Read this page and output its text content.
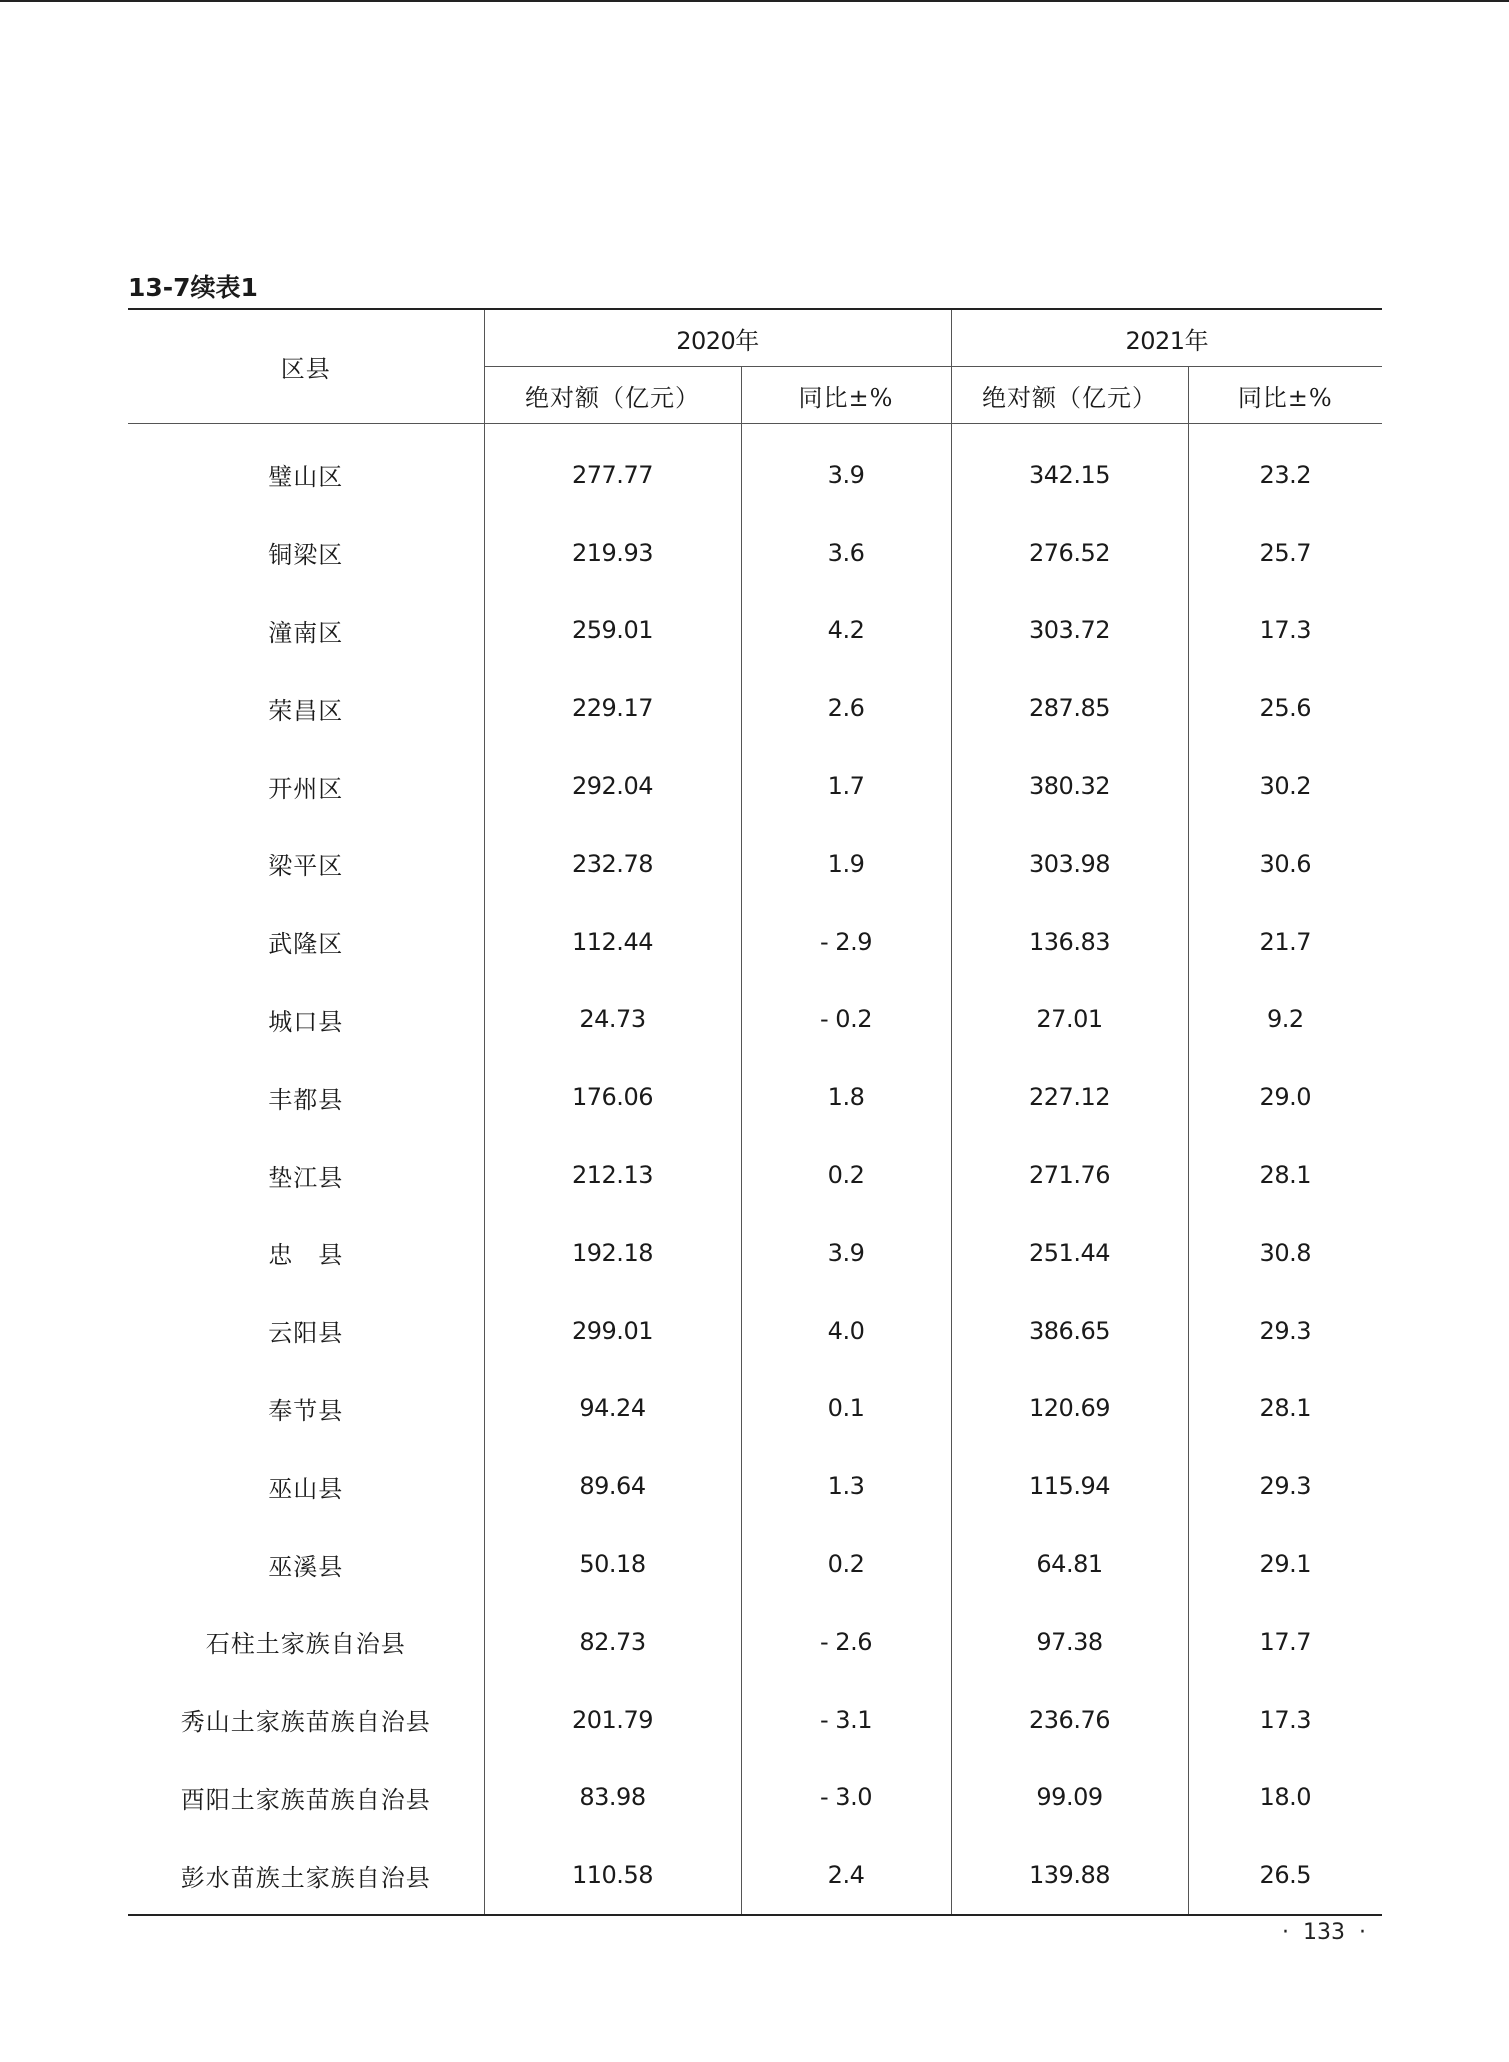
13-7续表1
区县	2020年		2021年	
	绝对额（亿元）	同比±%	绝对额（亿元）	同比±%
璧山区	277.77	3.9	342.15	23.2
铜梁区	219.93	3.6	276.52	25.7
潼南区	259.01	4.2	303.72	17.3
荣昌区	229.17	2.6	287.85	25.6
开州区	292.04	1.7	380.32	30.2
梁平区	232.78	1.9	303.98	30.6
武隆区	112.44	- 2.9	136.83	21.7
城口县	24.73	- 0.2	27.01	9.2
丰都县	176.06	1.8	227.12	29.0
垫江县	212.13	0.2	271.76	28.1
忠　县	192.18	3.9	251.44	30.8
云阳县	299.01	4.0	386.65	29.3
奉节县	94.24	0.1	120.69	28.1
巫山县	89.64	1.3	115.94	29.3
巫溪县	50.18	0.2	64.81	29.1
石柱土家族自治县	82.73	- 2.6	97.38	17.7
秀山土家族苗族自治县	201.79	- 3.1	236.76	17.3
酉阳土家族苗族自治县	83.98	- 3.0	99.09	18.0
彭水苗族土家族自治县	110.58	2.4	139.88	26.5
· 133 ·
